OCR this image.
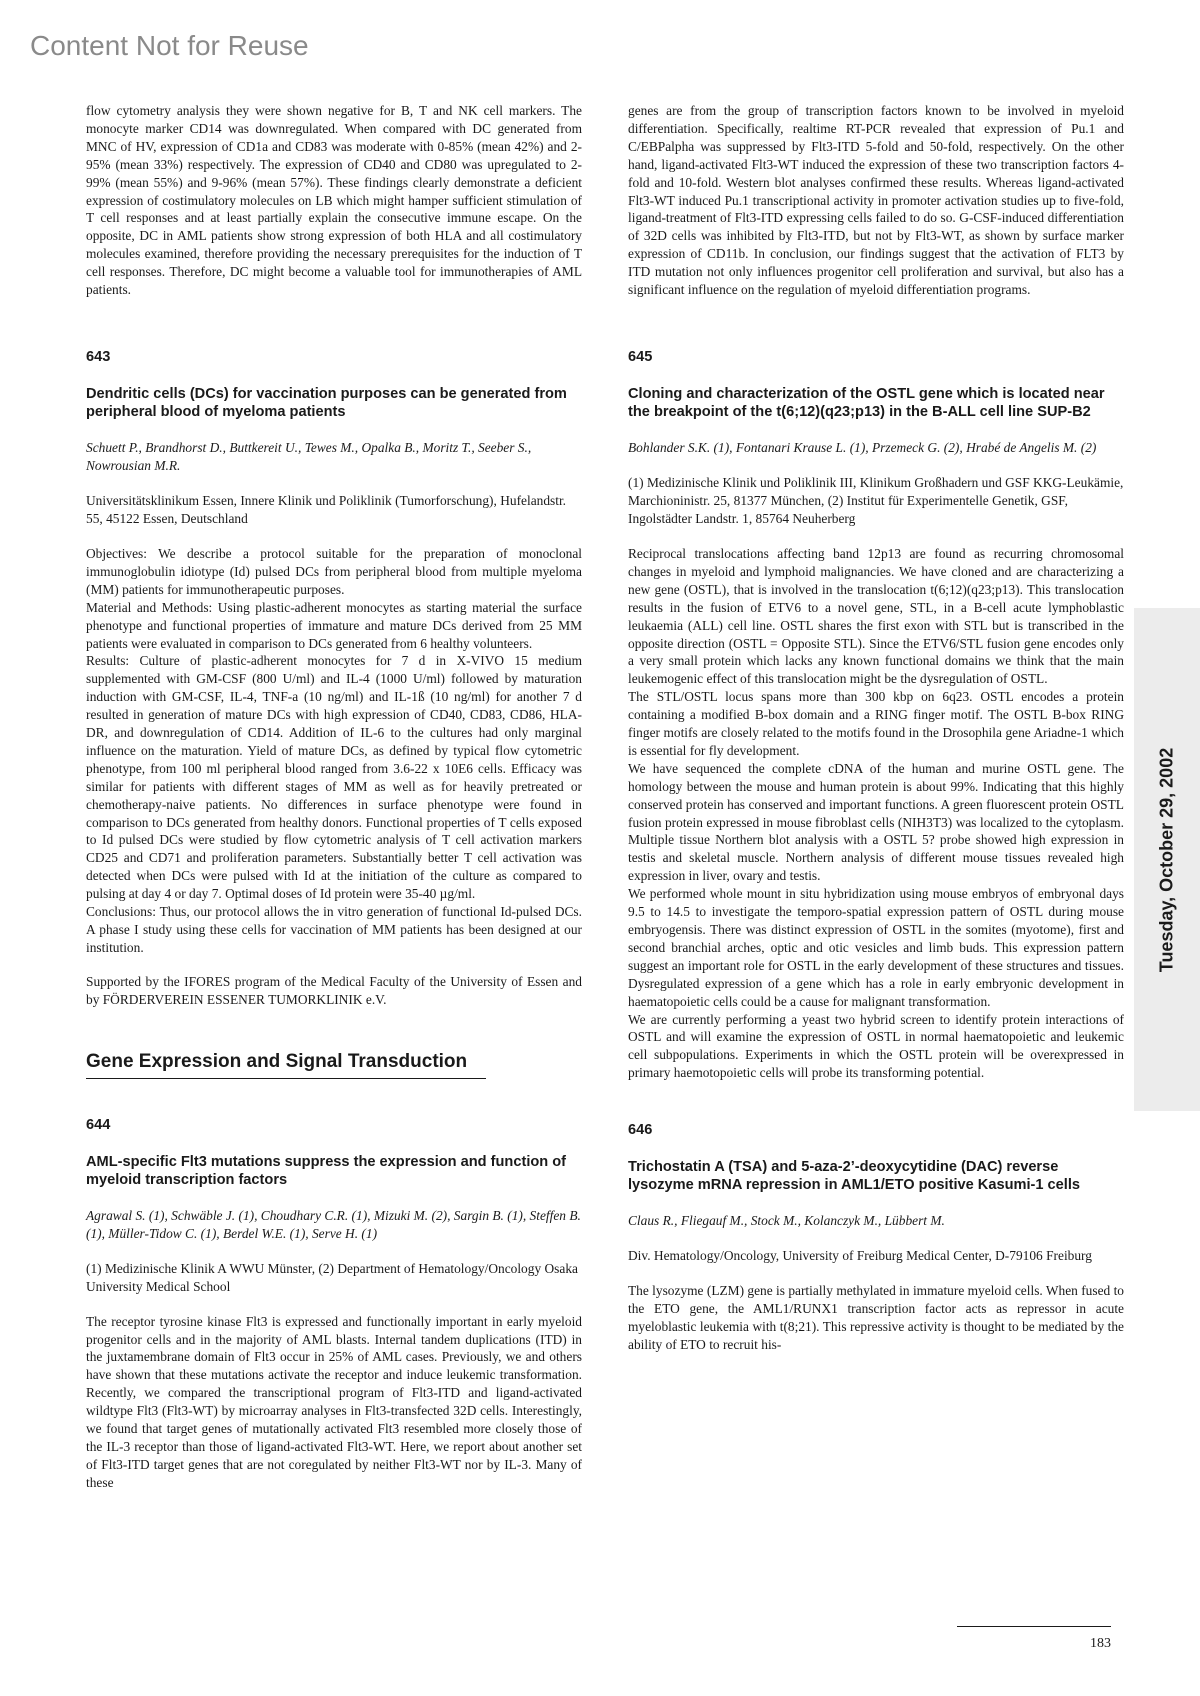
Content Not for Reuse

flow cytometry analysis they were shown negative for B, T and NK cell markers. The monocyte marker CD14 was downregulated. When compared with DC generated from MNC of HV, expression of CD1a and CD83 was moderate with 0-85% (mean 42%) and 2-95% (mean 33%) respectively. The expression of CD40 and CD80 was upregulated to 2-99% (mean 55%) and 9-96% (mean 57%). These findings clearly demonstrate a deficient expression of costimulatory molecules on LB which might hamper sufficient stimulation of T cell responses and at least partially explain the consecutive immune escape. On the opposite, DC in AML patients show strong expression of both HLA and all costimulatory molecules examined, therefore providing the necessary prerequisites for the induction of T cell responses. Therefore, DC might become a valuable tool for immunotherapies of AML patients.

643

Dendritic cells (DCs) for vaccination purposes can be generated from peripheral blood of myeloma patients

Schuett P., Brandhorst D., Buttkereit U., Tewes M., Opalka B., Moritz T., Seeber S., Nowrousian M.R.

Universitätsklinikum Essen, Innere Klinik und Poliklinik (Tumorforschung), Hufelandstr. 55, 45122 Essen, Deutschland

Objectives: We describe a protocol suitable for the preparation of monoclonal immunoglobulin idiotype (Id) pulsed DCs from peripheral blood from multiple myeloma (MM) patients for immunotherapeutic purposes.

Material and Methods: Using plastic-adherent monocytes as starting material the surface phenotype and functional properties of immature and mature DCs derived from 25 MM patients were evaluated in comparison to DCs generated from 6 healthy volunteers.

Results: Culture of plastic-adherent monocytes for 7 d in X-VIVO 15 medium supplemented with GM-CSF (800 U/ml) and IL-4 (1000 U/ml) followed by maturation induction with GM-CSF, IL-4, TNF-a (10 ng/ml) and IL-1ß (10 ng/ml) for another 7 d resulted in generation of mature DCs with high expression of CD40, CD83, CD86, HLA-DR, and downregulation of CD14. Addition of IL-6 to the cultures had only marginal influence on the maturation. Yield of mature DCs, as defined by typical flow cytometric phenotype, from 100 ml peripheral blood ranged from 3.6-22 x 10E6 cells. Efficacy was similar for patients with different stages of MM as well as for heavily pretreated or chemotherapy-naive patients. No differences in surface phenotype were found in comparison to DCs generated from healthy donors. Functional properties of T cells exposed to Id pulsed DCs were studied by flow cytometric analysis of T cell activation markers CD25 and CD71 and proliferation parameters. Substantially better T cell activation was detected when DCs were pulsed with Id at the initiation of the culture as compared to pulsing at day 4 or day 7. Optimal doses of Id protein were 35-40 µg/ml.

Conclusions: Thus, our protocol allows the in vitro generation of functional Id-pulsed DCs. A phase I study using these cells for vaccination of MM patients has been designed at our institution.

Supported by the IFORES program of the Medical Faculty of the University of Essen and by FÖRDERVEREIN ESSENER TUMORKLINIK e.V.

Gene Expression and Signal Transduction

644

AML-specific Flt3 mutations suppress the expression and function of myeloid transcription factors

Agrawal S. (1), Schwäble J. (1), Choudhary C.R. (1), Mizuki M. (2), Sargin B. (1), Steffen B. (1), Müller-Tidow C. (1), Berdel W.E. (1), Serve H. (1)

(1) Medizinische Klinik A WWU Münster, (2) Department of Hematology/Oncology Osaka University Medical School

The receptor tyrosine kinase Flt3 is expressed and functionally important in early myeloid progenitor cells and in the majority of AML blasts. Internal tandem duplications (ITD) in the juxtamembrane domain of Flt3 occur in 25% of AML cases. Previously, we and others have shown that these mutations activate the receptor and induce leukemic transformation. Recently, we compared the transcriptional program of Flt3-ITD and ligand-activated wildtype Flt3 (Flt3-WT) by microarray analyses in Flt3-transfected 32D cells. Interestingly, we found that target genes of mutationally activated Flt3 resembled more closely those of the IL-3 receptor than those of ligand-activated Flt3-WT. Here, we report about another set of Flt3-ITD target genes that are not coregulated by neither Flt3-WT nor by IL-3. Many of these

genes are from the group of transcription factors known to be involved in myeloid differentiation. Specifically, realtime RT-PCR revealed that expression of Pu.1 and C/EBPalpha was suppressed by Flt3-ITD 5-fold and 50-fold, respectively. On the other hand, ligand-activated Flt3-WT induced the expression of these two transcription factors 4-fold and 10-fold. Western blot analyses confirmed these results. Whereas ligand-activated Flt3-WT induced Pu.1 transcriptional activity in promoter activation studies up to five-fold, ligand-treatment of Flt3-ITD expressing cells failed to do so. G-CSF-induced differentiation of 32D cells was inhibited by Flt3-ITD, but not by Flt3-WT, as shown by surface marker expression of CD11b. In conclusion, our findings suggest that the activation of FLT3 by ITD mutation not only influences progenitor cell proliferation and survival, but also has a significant influence on the regulation of myeloid differentiation programs.

645

Cloning and characterization of the OSTL gene which is located near the breakpoint of the t(6;12)(q23;p13) in the B-ALL cell line SUP-B2

Bohlander S.K. (1), Fontanari Krause L. (1), Przemeck G. (2), Hrabé de Angelis M. (2)

(1) Medizinische Klinik und Poliklinik III, Klinikum Großhadern und GSF KKG-Leukämie, Marchioninistr. 25, 81377 München, (2) Institut für Experimentelle Genetik, GSF, Ingolstädter Landstr. 1, 85764 Neuherberg

Reciprocal translocations affecting band 12p13 are found as recurring chromosomal changes in myeloid and lymphoid malignancies. We have cloned and are characterizing a new gene (OSTL), that is involved in the translocation t(6;12)(q23;p13). This translocation results in the fusion of ETV6 to a novel gene, STL, in a B-cell acute lymphoblastic leukaemia (ALL) cell line. OSTL shares the first exon with STL but is transcribed in the opposite direction (OSTL = Opposite STL). Since the ETV6/STL fusion gene encodes only a very small protein which lacks any known functional domains we think that the main leukemogenic effect of this translocation might be the dysregulation of OSTL.

The STL/OSTL locus spans more than 300 kbp on 6q23. OSTL encodes a protein containing a modified B-box domain and a RING finger motif. The OSTL B-box RING finger motifs are closely related to the motifs found in the Drosophila gene Ariadne-1 which is essential for fly development.

We have sequenced the complete cDNA of the human and murine OSTL gene. The homology between the mouse and human protein is about 99%. Indicating that this highly conserved protein has conserved and important functions. A green fluorescent protein OSTL fusion protein expressed in mouse fibroblast cells (NIH3T3) was localized to the cytoplasm. Multiple tissue Northern blot analysis with a OSTL 5? probe showed high expression in testis and skeletal muscle. Northern analysis of different mouse tissues revealed high expression in liver, ovary and testis.

We performed whole mount in situ hybridization using mouse embryos of embryonal days 9.5 to 14.5 to investigate the temporo-spatial expression pattern of OSTL during mouse embryogensis. There was distinct expression of OSTL in the somites (myotome), first and second branchial arches, optic and otic vesicles and limb buds. This expression pattern suggest an important role for OSTL in the early development of these structures and tissues. Dysregulated expression of a gene which has a role in early embryonic development in haematopoietic cells could be a cause for malignant transformation.

We are currently performing a yeast two hybrid screen to identify protein interactions of OSTL and will examine the expression of OSTL in normal haematopoietic and leukemic cell subpopulations. Experiments in which the OSTL protein will be overexpressed in primary haemotopoietic cells will probe its transforming potential.

646

Trichostatin A (TSA) and 5-aza-2’-deoxycytidine (DAC) reverse lysozyme mRNA repression in AML1/ETO positive Kasumi-1 cells

Claus R., Fliegauf M., Stock M., Kolanczyk M., Lübbert M.

Div. Hematology/Oncology, University of Freiburg Medical Center, D-79106 Freiburg

The lysozyme (LZM) gene is partially methylated in immature myeloid cells. When fused to the ETO gene, the AML1/RUNX1 transcription factor acts as repressor in acute myeloblastic leukemia with t(8;21). This repressive activity is thought to be mediated by the ability of ETO to recruit his-

Tuesday, October 29, 2002

183
